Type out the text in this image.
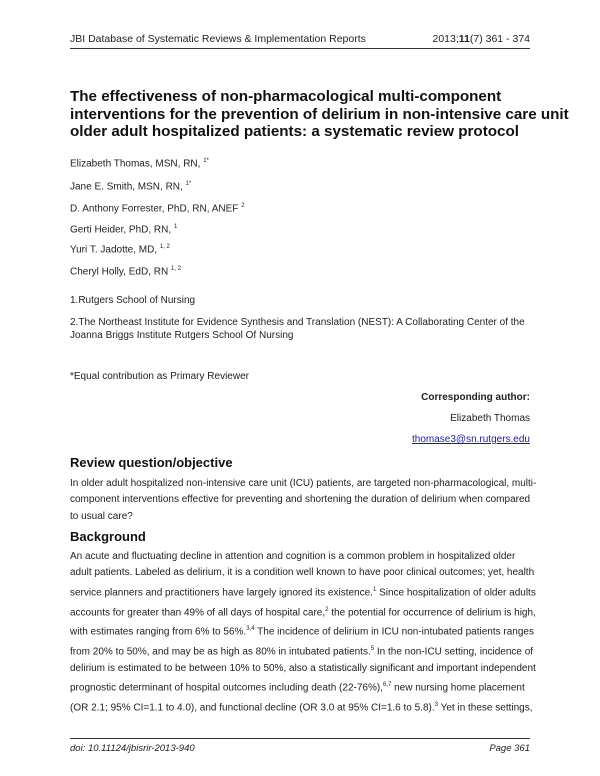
JBI Database of Systematic Reviews & Implementation Reports	2013;11(7) 361 - 374
The effectiveness of non-pharmacological multi-component
interventions for the prevention of delirium in non-intensive care unit
older adult hospitalized patients: a systematic review protocol
Elizabeth Thomas, MSN, RN, $^{1*}$
Jane E. Smith, MSN, RN, $^{1*}$
D. Anthony Forrester, PhD, RN, ANEF $^2$
Gerti Heider, PhD, RN, $^1$
Yuri T. Jadotte, MD, $^{1, 2}$
Cheryl Holly, EdD, RN $^{1, 2}$
1.Rutgers School of Nursing
2.The Northeast Institute for Evidence Synthesis and Translation (NEST): A Collaborating Center of the Joanna Briggs Institute Rutgers School Of Nursing
*Equal contribution as Primary Reviewer
Corresponding author:
Elizabeth Thomas
thomase3@sn.rutgers.edu
Review question/objective
In older adult hospitalized non-intensive care unit (ICU) patients, are targeted non-pharmacological, multi-
component interventions effective for preventing and shortening the duration of delirium when compared
to usual care?
Background
An acute and fluctuating decline in attention and cognition is a common problem in hospitalized older
adult patients. Labeled as delirium, it is a condition well known to have poor clinical outcomes; yet, health
service planners and practitioners have largely ignored its existence.$^1$ Since hospitalization of older adults
accounts for greater than 49% of all days of hospital care,$^2$ the potential for occurrence of delirium is high,
with estimates ranging from 6% to 56%.$^{3,4}$ The incidence of delirium in ICU non-intubated patients ranges
from 20% to 50%, and may be as high as 80% in intubated patients.$^5$ In the non-ICU setting, incidence of
delirium is estimated to be between 10% to 50%, also a statistically significant and important independent
prognostic determinant of hospital outcomes including death (22-76%),$^{6,7}$ new nursing home placement
(OR 2.1; 95% CI=1.1 to 4.0), and functional decline (OR 3.0 at 95% CI=1.6 to 5.8).$^3$ Yet in these settings,
doi: 10.11124/jbisrir-2013-940	Page 361
